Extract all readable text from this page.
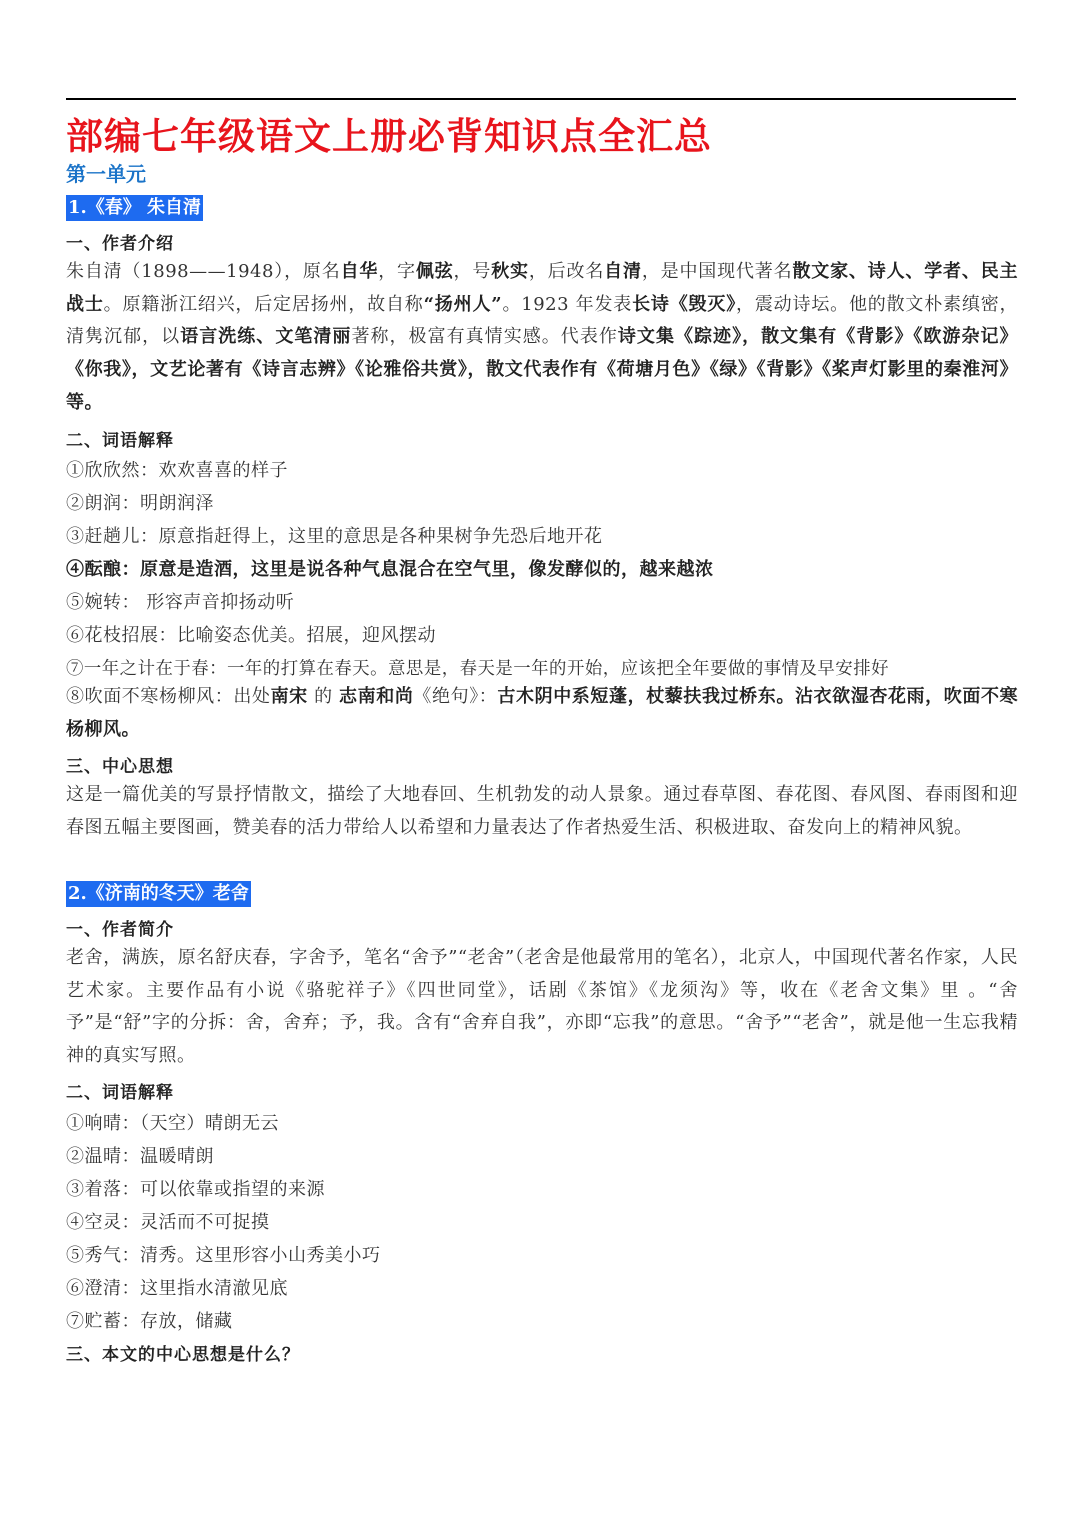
部编七年级语文上册必背知识点全汇总
第一单元
1.《春》 朱自清
一、作者介绍
朱自清（1898——1948），原名自华，字佩弦，号秋实，后改名自清，是中国现代著名散文家、诗人、学者、民主战士。原籍浙江绍兴，后定居扬州，故自称“扬州人”。1923 年发表长诗《毁灭》，震动诗坛。他的散文朴素缜密，清隽沉郁，以语言洗练、文笔清丽著称，极富有真情实感。代表作诗文集《踪迹》，散文集有《背影》《欧游杂记》《你我》，文艺论著有《诗言志辨》《论雅俗共赏》，散文代表作有《荷塘月色》《绿》《背影》《桨声灯影里的秦淮河》等。
二、词语解释
①欣欣然：欢欢喜喜的样子
②朗润：明朗润泽
③赶趟儿：原意指赶得上，这里的意思是各种果树争先恐后地开花
④酝酿：原意是造酒，这里是说各种气息混合在空气里，像发酵似的，越来越浓
⑤婉转： 形容声音抑扬动听
⑥花枝招展：比喻姿态优美。招展，迎风摆动
⑦一年之计在于春：一年的打算在春天。意思是，春天是一年的开始，应该把全年要做的事情及早安排好
⑧吹面不寒杨柳风：出处南宋 的 志南和尚《绝句》：古木阴中系短蓬，杖藜扶我过桥东。沾衣欲湿杏花雨，吹面不寒杨柳风。
三、中心思想
这是一篇优美的写景抒情散文，描绘了大地春回、生机勃发的动人景象。通过春草图、春花图、春风图、春雨图和迎春图五幅主要图画，赞美春的活力带给人以希望和力量表达了作者热爱生活、积极进取、奋发向上的精神风貌。
2.《济南的冬天》老舍
一、作者简介
老舍，满族，原名舒庆春，字舍予，笔名“舍予”“老舍”（老舍是他最常用的笔名），北京人，中国现代著名作家，人民艺术家。主要作品有小说《骆驼祥子》《四世同堂》，话剧《茶馆》《龙须沟》等，收在《老舍文集》里 。“舍予”是“舒”字的分拆：舍，舍弃；予，我。含有“舍弃自我”，亦即“忘我”的意思。“舍予”“老舍”，就是他一生忘我精神的真实写照。
二、词语解释
①响晴：（天空）晴朗无云
②温晴：温暖晴朗
③着落：可以依靠或指望的来源
④空灵：灵活而不可捉摸
⑤秀气：清秀。这里形容小山秀美小巧
⑥澄清：这里指水清澈见底
⑦贮蓄：存放，储藏
三、本文的中心思想是什么？
